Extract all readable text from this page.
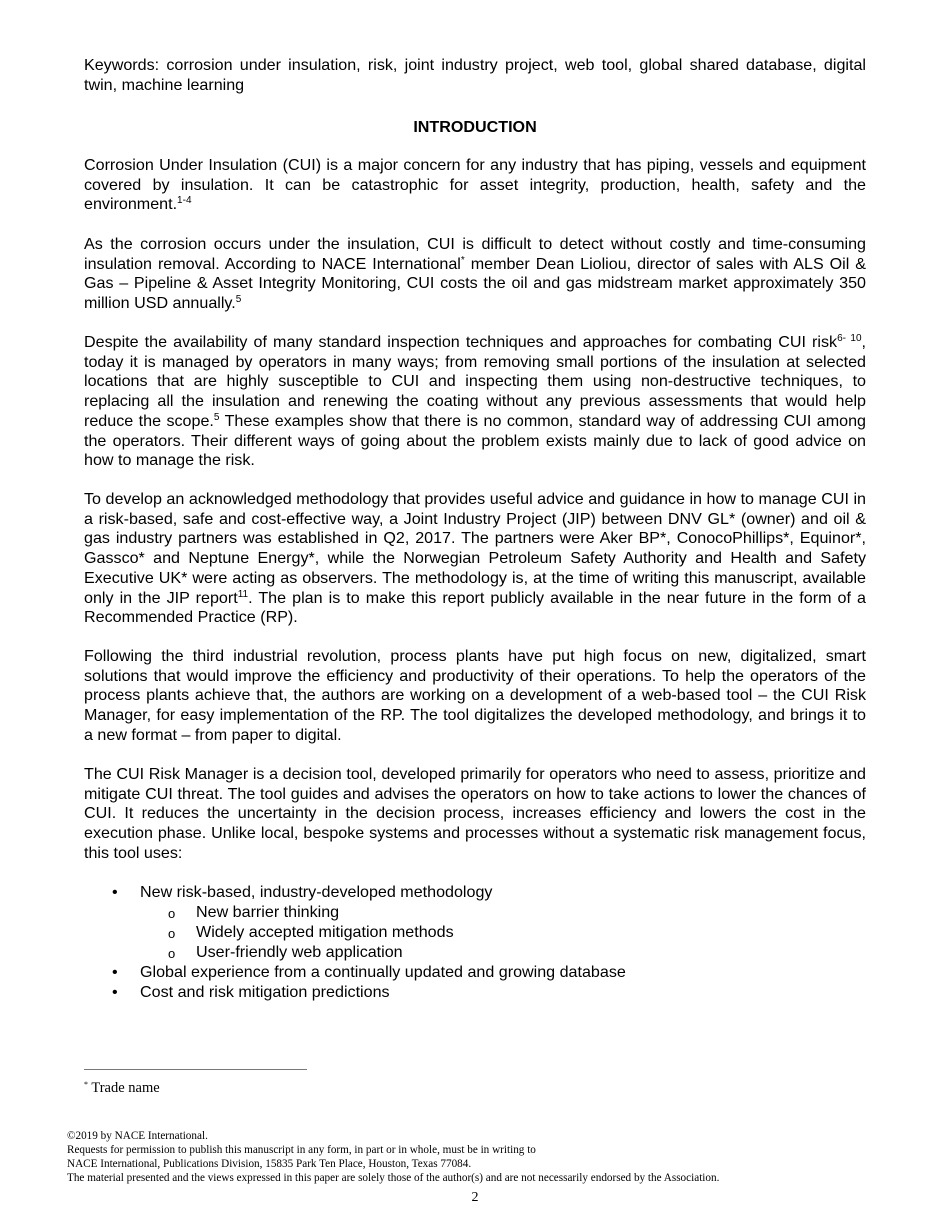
Keywords: corrosion under insulation, risk, joint industry project, web tool, global shared database, digital twin, machine learning

INTRODUCTION

Corrosion Under Insulation (CUI) is a major concern for any industry that has piping, vessels and equipment covered by insulation. It can be catastrophic for asset integrity, production, health, safety and the environment.$^{1-4}$

As the corrosion occurs under the insulation, CUI is difficult to detect without costly and time-consuming insulation removal. According to NACE International* member Dean Lioliou, director of sales with ALS Oil & Gas – Pipeline & Asset Integrity Monitoring, CUI costs the oil and gas midstream market approximately 350 million USD annually.$^5$

Despite the availability of many standard inspection techniques and approaches for combating CUI risk$^{6- 10}$, today it is managed by operators in many ways; from removing small portions of the insulation at selected locations that are highly susceptible to CUI and inspecting them using non-destructive techniques, to replacing all the insulation and renewing the coating without any previous assessments that would help reduce the scope.$^5$ These examples show that there is no common, standard way of addressing CUI among the operators. Their different ways of going about the problem exists mainly due to lack of good advice on how to manage the risk.

To develop an acknowledged methodology that provides useful advice and guidance in how to manage CUI in a risk-based, safe and cost-effective way, a Joint Industry Project (JIP) between DNV GL* (owner) and oil & gas industry partners was established in Q2, 2017. The partners were Aker BP*, ConocoPhillips*, Equinor*, Gassco* and Neptune Energy*, while the Norwegian Petroleum Safety Authority and Health and Safety Executive UK* were acting as observers. The methodology is, at the time of writing this manuscript, available only in the JIP report$^{11}$. The plan is to make this report publicly available in the near future in the form of a Recommended Practice (RP).

Following the third industrial revolution, process plants have put high focus on new, digitalized, smart solutions that would improve the efficiency and productivity of their operations. To help the operators of the process plants achieve that, the authors are working on a development of a web-based tool – the CUI Risk Manager, for easy implementation of the RP. The tool digitalizes the developed methodology, and brings it to a new format – from paper to digital.

The CUI Risk Manager is a decision tool, developed primarily for operators who need to assess, prioritize and mitigate CUI threat. The tool guides and advises the operators on how to take actions to lower the chances of CUI. It reduces the uncertainty in the decision process, increases efficiency and lowers the cost in the execution phase. Unlike local, bespoke systems and processes without a systematic risk management focus, this tool uses:

• New risk-based, industry-developed methodology
o New barrier thinking
o Widely accepted mitigation methods
o User-friendly web application
• Global experience from a continually updated and growing database
• Cost and risk mitigation predictions
* Trade name
©2019 by NACE International.
Requests for permission to publish this manuscript in any form, in part or in whole, must be in writing to
NACE International, Publications Division, 15835 Park Ten Place, Houston, Texas 77084.
The material presented and the views expressed in this paper are solely those of the author(s) and are not necessarily endorsed by the Association.
2
